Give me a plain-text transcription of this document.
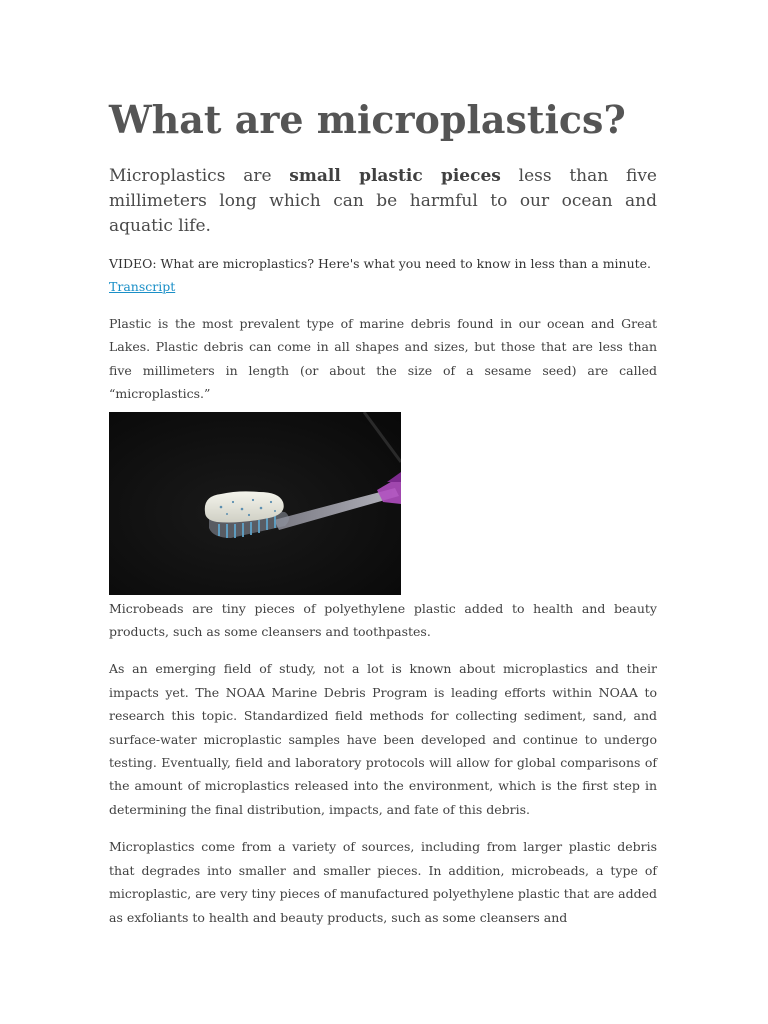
What are microplastics?

Microplastics are small plastic pieces less than five millimeters long which can be harmful to our ocean and aquatic life.

VIDEO: What are microplastics? Here's what you need to know in less than a minute.
Transcript

Plastic is the most prevalent type of marine debris found in our ocean and Great Lakes. Plastic debris can come in all shapes and sizes, but those that are less than five millimeters in length (or about the size of a sesame seed) are called “microplastics.”

Microbeads are tiny pieces of polyethylene plastic added to health and beauty products, such as some cleansers and toothpastes.

As an emerging field of study, not a lot is known about microplastics and their impacts yet. The NOAA Marine Debris Program is leading efforts within NOAA to research this topic. Standardized field methods for collecting sediment, sand, and surface-water microplastic samples have been developed and continue to undergo testing. Eventually, field and laboratory protocols will allow for global comparisons of the amount of microplastics released into the environment, which is the first step in determining the final distribution, impacts, and fate of this debris.

Microplastics come from a variety of sources, including from larger plastic debris that degrades into smaller and smaller pieces. In addition, microbeads, a type of microplastic, are very tiny pieces of manufactured polyethylene plastic that are added as exfoliants to health and beauty products, such as some cleansers and
